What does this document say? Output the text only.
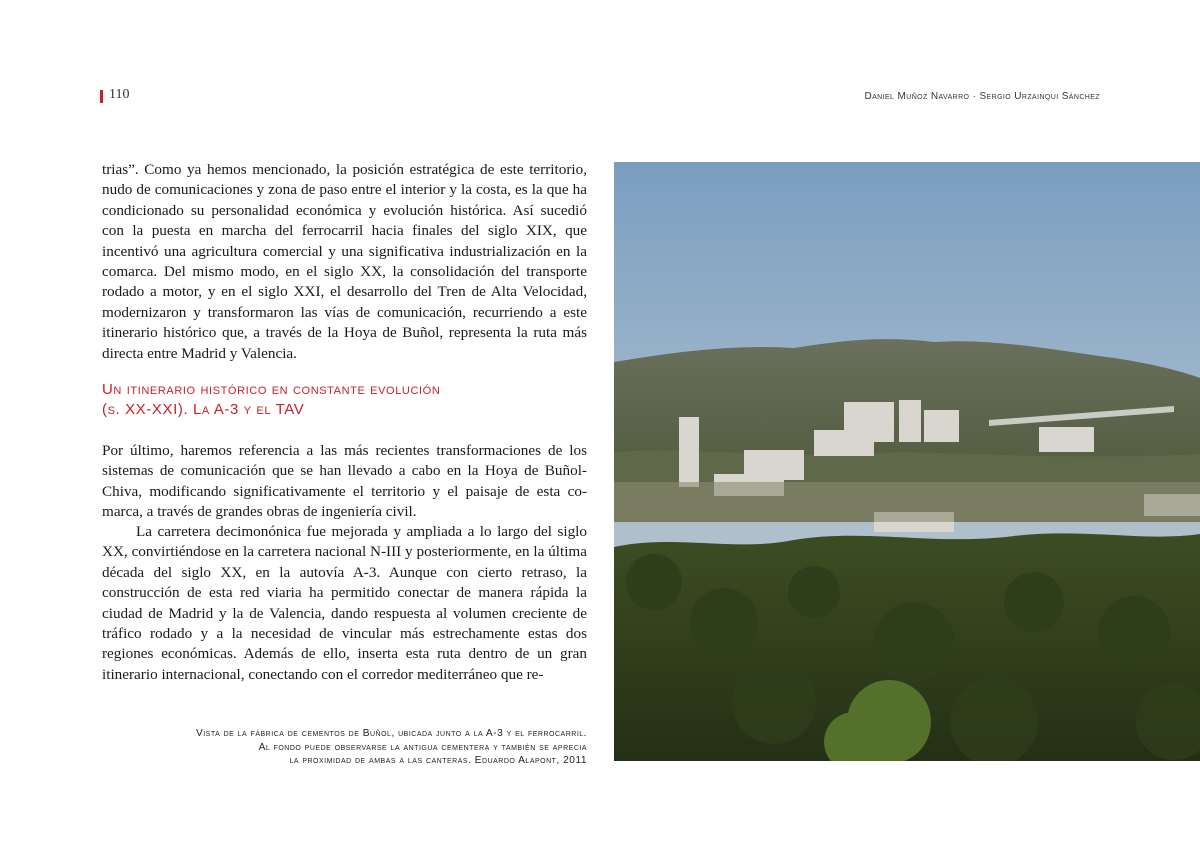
110	Daniel Muñoz Navarro · Sergio Urzainqui Sánchez

trias”. Como ya hemos mencionado, la posición estratégica de este territorio, nudo de comunicaciones y zona de paso entre el interior y la costa, es la que ha condicionado su personalidad económica y evolución histórica. Así sucedió con la puesta en marcha del ferrocarril hacia finales del siglo XIX, que incentivó una agricultura comercial y una significativa industrialización en la comarca. Del mismo modo, en el siglo XX, la consolidación del transporte rodado a motor, y en el siglo XXI, el desarrollo del Tren de Alta Velocidad, modernizaron y transformaron las vías de comunicación, recurriendo a este itinerario histórico que, a través de la Hoya de Buñol, representa la ruta más directa entre Madrid y Valencia.

Un itinerario histórico en constante evolución
(s. XX-XXI). La A-3 y el TAV

Por último, haremos referencia a las más recientes transformaciones de los sistemas de comunicación que se han llevado a cabo en la Hoya de Buñol-Chiva, modificando significativamente el territorio y el paisaje de esta comarca, a través de grandes obras de ingeniería civil.

La carretera decimonónica fue mejorada y ampliada a lo largo del siglo XX, convirtiéndose en la carretera nacional N-III y posteriormente, en la última década del siglo XX, en la autovía A-3. Aunque con cierto retraso, la construcción de esta red viaria ha permitido conectar de manera rápida la ciudad de Madrid y la de Valencia, dando respuesta al volumen creciente de tráfico rodado y a la necesidad de vincular más estrechamente estas dos regiones económicas. Además de ello, inserta esta ruta dentro de un gran itinerario internacional, conectando con el corredor mediterráneo que re-

Vista de la fábrica de cementos de Buñol, ubicada junto a la A-3 y el ferrocarril.
Al fondo puede observarse la antigua cementera y también se aprecia
la proximidad de ambas a las canteras. Eduardo Alapont, 2011
